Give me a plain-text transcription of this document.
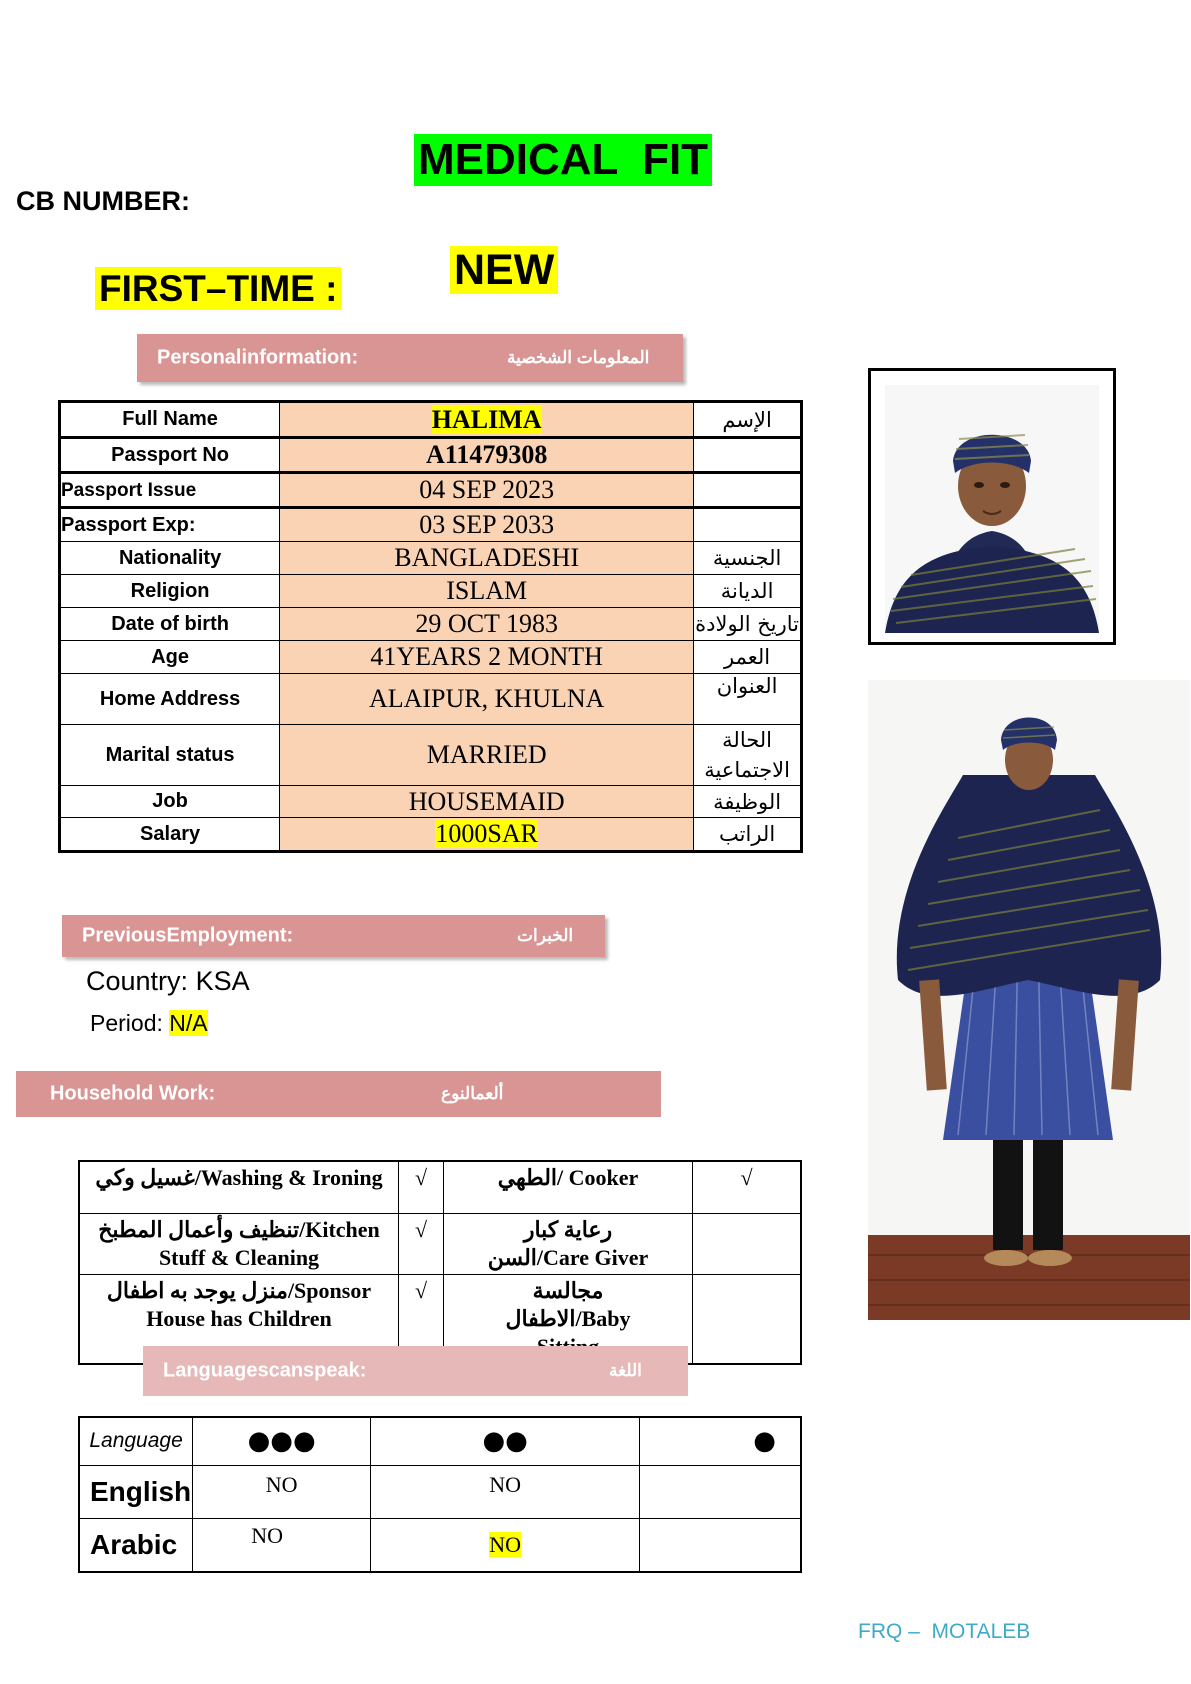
MEDICAL  FIT
CB NUMBER:
FIRST–TIME :	NEW
Personalinformation:	المعلومات الشخصية
Full Name	HALIMA	الإسم
Passport No	A11479308	
Passport Issue	04 SEP 2023	
Passport Exp:	03 SEP 2033	
Nationality	BANGLADESHI	الجنسية
Religion	ISLAM	الديانة
Date of birth	29 OCT 1983	تاريخ الولادة
Age	41YEARS 2 MONTH	العمر
Home Address	ALAIPUR, KHULNA	العنوان
Marital status	MARRIED	الحالة الاجتماعية
Job	HOUSEMAID	الوظيفة
Salary	1000SAR	الراتب
PreviousEmployment:	الخبرات
Country: KSA
Period: N/A
Household Work:	ألعمالنوع
غسيل وكي/Washing & Ironing	√	الطهي/ Cooker	√
تنظيف وأعمال المطبخ/Kitchen Stuff & Cleaning	√	رعاية كبار السن/Care Giver	
منزل يوجد به اطفال/Sponsor House has Children	√	مجالسة الاطفال/Baby	
Languagescanspeak:	اللغة
Language	●●●	●●	●
English	NO	NO	
Arabic	NO	NO	
FRQ –  MOTALEB
